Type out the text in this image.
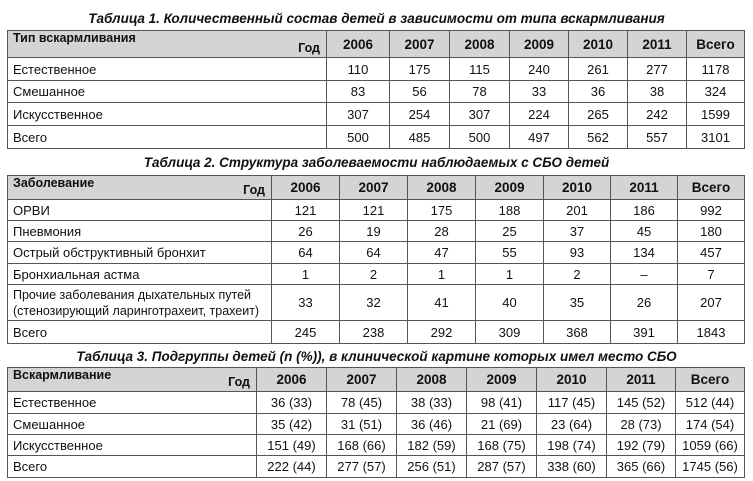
Таблица 1. Количественный состав детей в зависимости от типа вскармливания
Тип вскармливания
Год	2006	2007	2008	2009	2010	2011	Всего
Естественное	110	175	115	240	261	277	1178
Смешанное	83	56	78	33	36	38	324
Искусственное	307	254	307	224	265	242	1599
Всего	500	485	500	497	562	557	3101
Таблица 2. Структура заболеваемости наблюдаемых с СБО детей
Заболевание Год	2006	2007	2008	2009	2010	2011	Всего
ОРВИ	121	121	175	188	201	186	992
Пневмония	26	19	28	25	37	45	180
Острый обструктивный бронхит	64	64	47	55	93	134	457
Бронхиальная астма	1	2	1	1	2	–	7
Прочие заболевания дыхательных путей (стенозирующий ларинготрахеит, трахеит)	33	32	41	40	35	26	207
Всего	245	238	292	309	368	391	1843
Таблица 3. Подгруппы детей (n (%)), в клинической картине которых имел место СБО
Вскармливание Год	2006	2007	2008	2009	2010	2011	Всего
Естественное	36 (33)	78 (45)	38 (33)	98 (41)	117 (45)	145 (52)	512 (44)
Смешанное	35 (42)	31 (51)	36 (46)	21 (69)	23 (64)	28 (73)	174 (54)
Искусственное	151 (49)	168 (66)	182 (59)	168 (75)	198 (74)	192 (79)	1059 (66)
Всего	222 (44)	277 (57)	256 (51)	287 (57)	338 (60)	365 (66)	1745 (56)
